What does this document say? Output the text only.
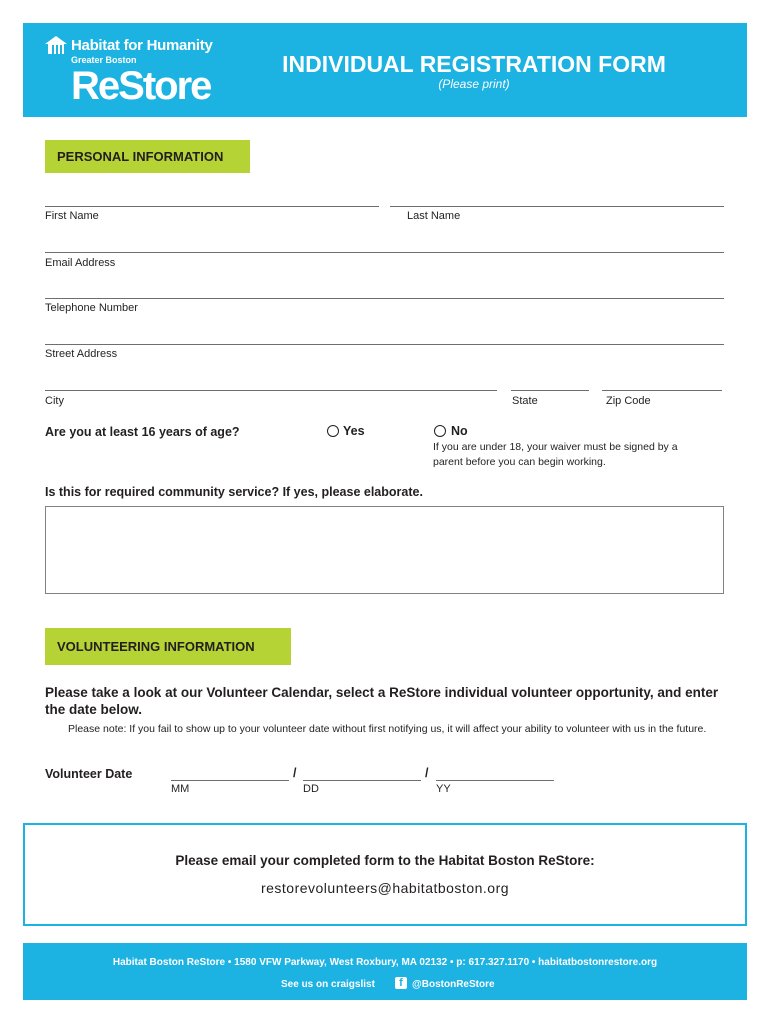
Habitat for Humanity
Greater Boston
ReStore	INDIVIDUAL REGISTRATION FORM
(Please print)
PERSONAL INFORMATION
First Name	Last Name
Email Address
Telephone Number
Street Address
City	State	Zip Code
Are you at least 16 years of age?	Yes	No
If you are under 18, your waiver must be signed by a parent before you can begin working.
Is this for required community service? If yes, please elaborate.
VOLUNTEERING INFORMATION
Please take a look at our Volunteer Calendar, select a ReStore individual volunteer opportunity, and enter the date below.
Please note: If you fail to show up to your volunteer date without first notifying us, it will affect your ability to volunteer with us in the future.
Volunteer Date	/	/
MM	DD	YY
Please email your completed form to the Habitat Boston ReStore:
restorevolunteers@habitatboston.org
Habitat Boston ReStore • 1580 VFW Parkway, West Roxbury, MA 02132 • p: 617.327.1170 • habitatbostonrestore.org
See us on craigslist	f @BostonReStore
